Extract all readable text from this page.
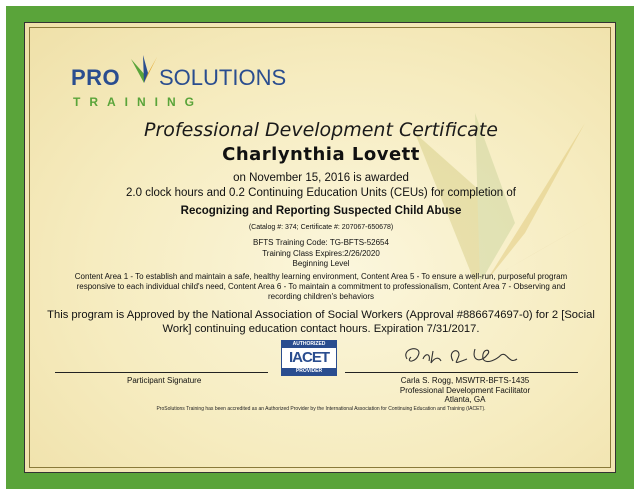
PRO SOLUTIONS
TRAINING
Professional Development Certificate
Charlynthia Lovett
on November 15, 2016 is awarded
2.0 clock hours and 0.2 Continuing Education Units (CEUs) for completion of
Recognizing and Reporting Suspected Child Abuse
(Catalog #: 374; Certificate #: 207067-650678)
BFTS Training Code: TG-BFTS-52654
Training Class Expires:2/26/2020
Beginning Level
Content Area 1 - To establish and maintain a safe, healthy learning environment, Content Area 5 - To ensure a well-run, purposeful program responsive to each individual child's need, Content Area 6 - To maintain a commitment to professionalism, Content Area 7 - Observing and recording children's behaviors
This program is Approved by the National Association of Social Workers (Approval #886674697-0) for 2 [Social Work] continuing education contact hours. Expiration 7/31/2017.
AUTHORIZED
IACET
PROVIDER
Participant Signature	Carla S. Rogg, MSWTR-BFTS-1435
Professional Development Facilitator
Atlanta, GA
ProSolutions Training has been accredited as an Authorized Provider by the International Association for Continuing Education and Training (IACET).
